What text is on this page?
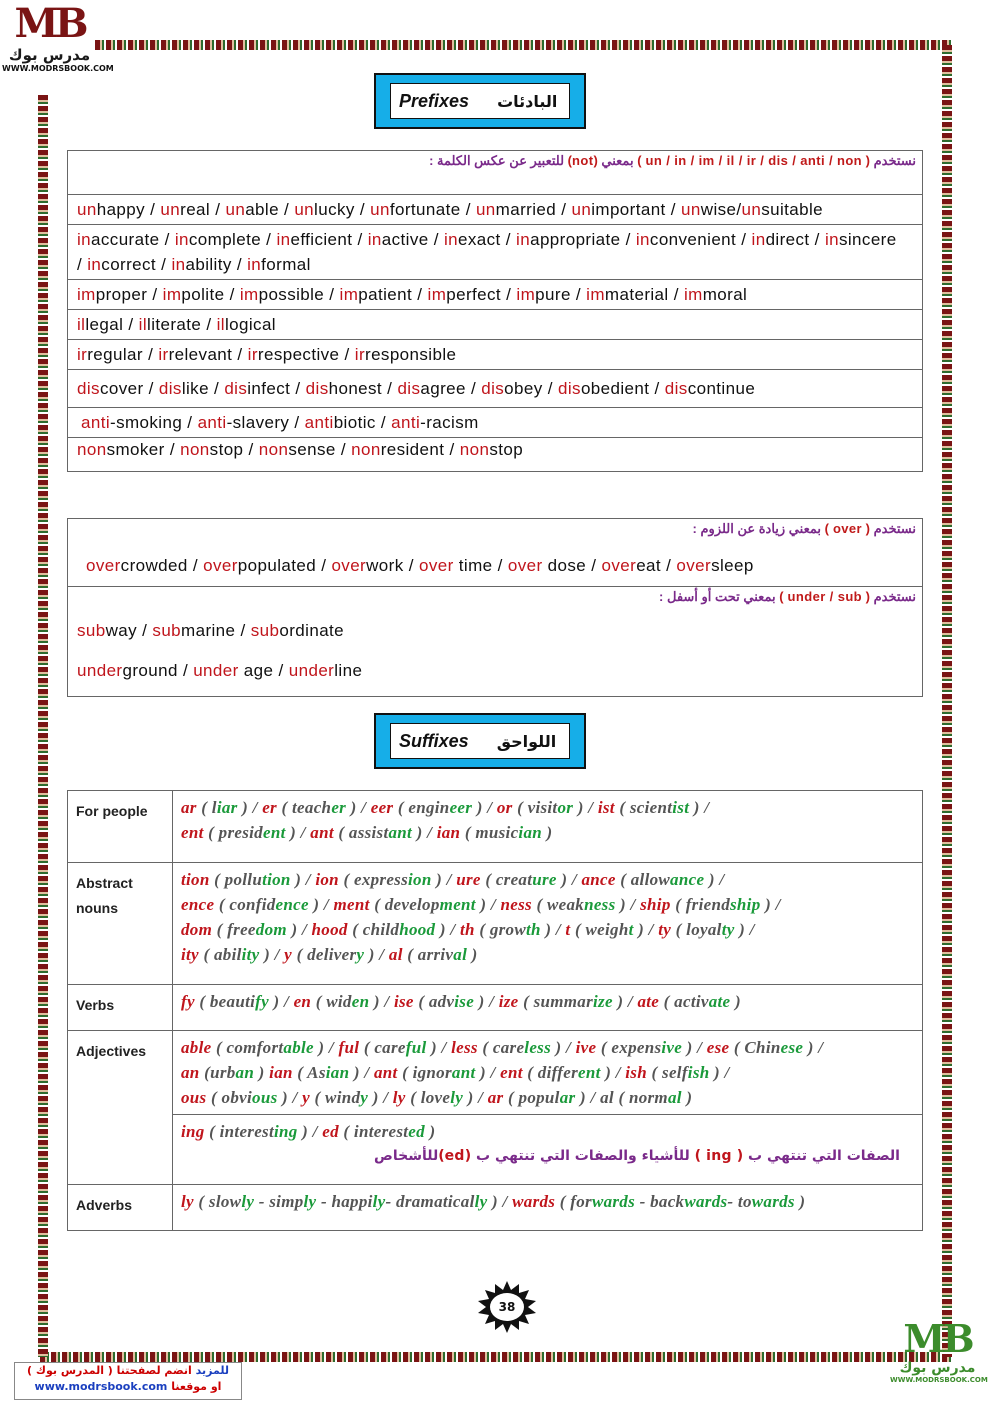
MB
مدرس بوك
WWW.MODRSBOOK.COM
Prefixes البادئات
نستخدم ( un / in / im / il / ir / dis / anti / non ) بمعني (not) للتعبير عن عكس الكلمة :
unhappy / unreal / unable / unlucky / unfortunate / unmarried / unimportant / unwise/unsuitable
inaccurate / incomplete / inefficient / inactive / inexact / inappropriate / inconvenient / indirect / insincere
/ incorrect / inability / informal
improper / impolite / impossible / impatient / imperfect / impure / immaterial / immoral
illegal / illiterate / illogical
irregular / irrelevant / irrespective / irresponsible
discover / dislike / disinfect / dishonest / disagree / disobey / disobedient / discontinue
anti-smoking / anti-slavery / antibiotic / anti-racism
nonsmoker / nonstop / nonsense / nonresident / nonstop
نستخدم ( over ) بمعني زيادة عن اللزوم :
overcrowded / overpopulated / overwork / over time / over dose / overeat / oversleep

نستخدم ( under / sub ) بمعني تحت أو أسفل :
subway / submarine / subordinate
underground / under age / underline
Suffixes اللواحق
For people	ar ( liar ) / er ( teacher ) / eer ( engineer ) / or ( visitor ) / ist ( scientist ) /
ent ( president ) / ant ( assistant ) / ian ( musician )
Abstract
nouns	tion ( pollution ) / ion ( expression ) / ure ( creature ) / ance ( allowance ) /
ence ( confidence ) / ment ( development ) / ness ( weakness ) / ship ( friendship ) /
dom ( freedom ) / hood ( childhood ) / th ( growth ) / t ( weight ) / ty ( loyalty ) /
ity ( ability ) / y ( delivery ) / al ( arrival )
Verbs	fy ( beautify ) / en ( widen ) / ise ( advise ) / ize ( summarize ) / ate ( activate )
Adjectives	able ( comfortable ) / ful ( careful ) / less ( careless ) / ive ( expensive ) / ese ( Chinese ) /
an (urban ) ian ( Asian ) / ant ( ignorant ) / ent ( different ) / ish ( selfish ) /
ous ( obvious ) / y ( windy ) / ly ( lovely ) / ar ( popular ) / al ( normal )
	ing ( interesting ) / ed ( interested )
الصفات التي تنتهي ب ( ing ) للأشياء والصفات التي تنتهي ب (ed)للأشخاص

Adverbs	ly ( slowly - simply - happily- dramatically ) / wards ( forwards - backwards- towards )
38
للمزيد انضم لصفحتنا ( المدرس بوك )
www.modrsbook.com او موقعنا
MB
مدرس بوك
WWW.MODRSBOOK.COM
